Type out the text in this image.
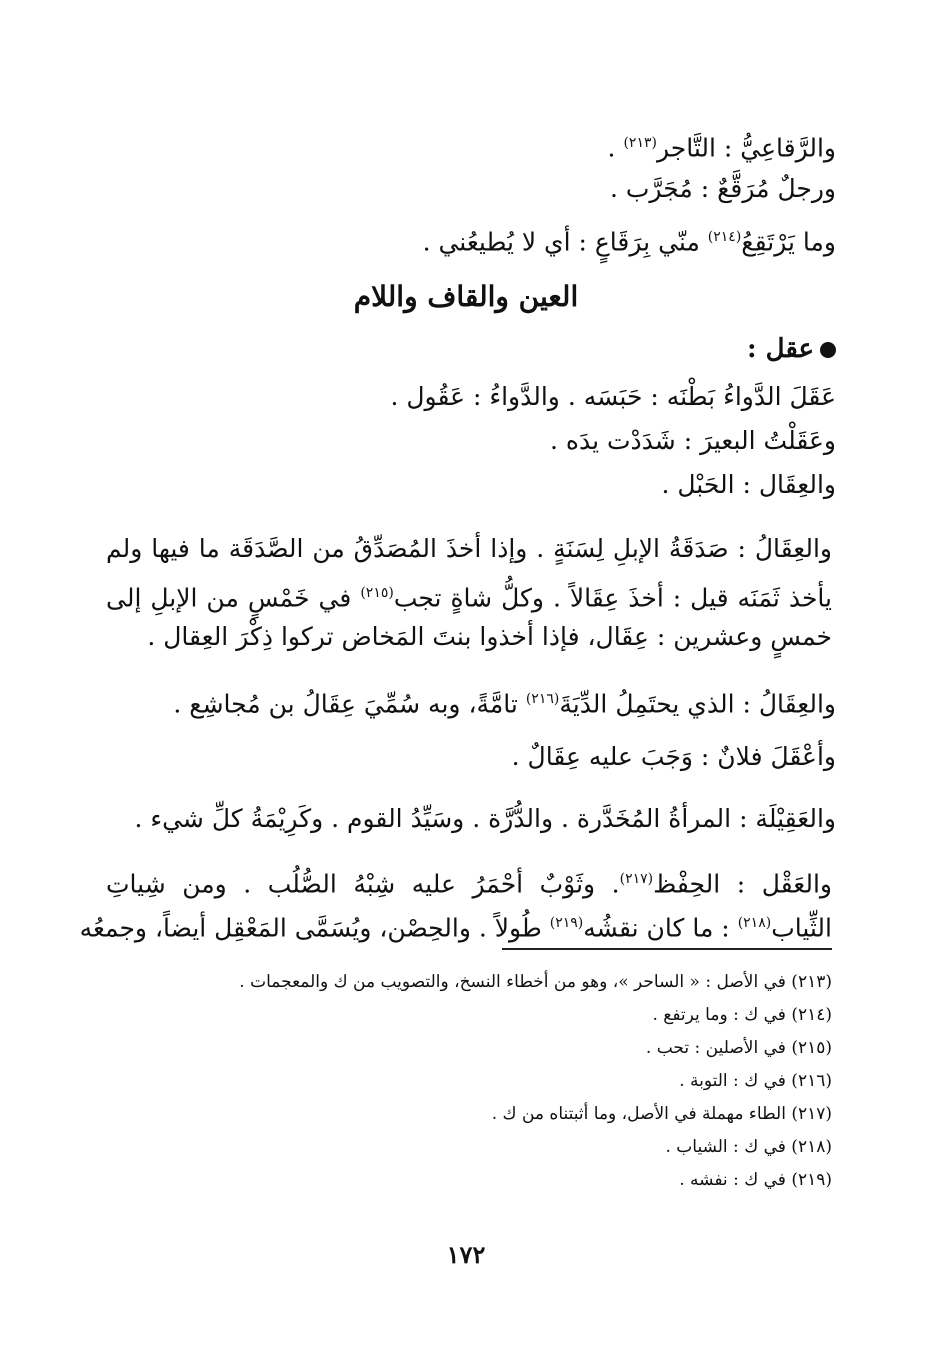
والرَّقاعِيُّ : التَّاجر$^{(٢١٣)}$ .
ورجلٌ مُرَقَّعٌ : مُجَرَّب .
وما يَرْتَقِعُ$^{(٢١٤)}$ منّي بِرَقَاعٍ : أي لا يُطيعُني .
العين والقاف واللام
عقل :
عَقَلَ الدَّواءُ بَطْنَه : حَبَسَه . والدَّواءُ : عَقُول .
وعَقَلْتُ البعيرَ : شَدَدْت يدَه .
والعِقَال : الحَبْل .
والعِقَالُ : صَدَقَةُ الإبلِ لِسَنَةٍ . وإذا أخذَ المُصَدِّقُ من الصَّدَقَة ما فيها ولم
يأخذ ثَمَنَه قيل : أخذَ عِقَالاً . وكلُّ شاةٍ تجب$^{(٢١٥)}$ في خَمْسٍ من الإبلِ إلى
خمسٍ وعشرين : عِقَال، فإذا أخذوا بنتَ المَخاض تركوا ذِكْرَ العِقال .
والعِقَالُ : الذي يحتَمِلُ الدِّيَةَ$^{(٢١٦)}$ تامَّةً، وبه سُمِّيَ عِقَالُ بن مُجاشِع .
وأعْقَلَ فلانٌ : وَجَبَ عليه عِقَالٌ .
والعَقِيْلَة : المرأةُ المُخَدَّرة . والدُّرَّة . وسَيِّدُ القوم . وكَرِيْمَةُ كلِّ شيء .
والعَقْل : الحِفْظ$^{(٢١٧)}$. وثَوْبٌ أحْمَرُ عليه شِبْهُ الصُّلُب . ومن شِياتِ
الثِّياب$^{(٢١٨)}$ : ما كان نقشُه$^{(٢١٩)}$ طُولاً . والحِصْن، ويُسَمَّى المَعْقِل أيضاً، وجمعُه
(٢١٣) في الأصل : « الساحر »، وهو من أخطاء النسخ، والتصويب من ك والمعجمات .
(٢١٤) في ك : وما يرتفع .
(٢١٥) في الأصلين : تحب .
(٢١٦) في ك : التوبة .
(٢١٧) الطاء مهملة في الأصل، وما أثبتناه من ك .
(٢١٨) في ك : الشياب .
(٢١٩) في ك : نفشه .
١٧٢
